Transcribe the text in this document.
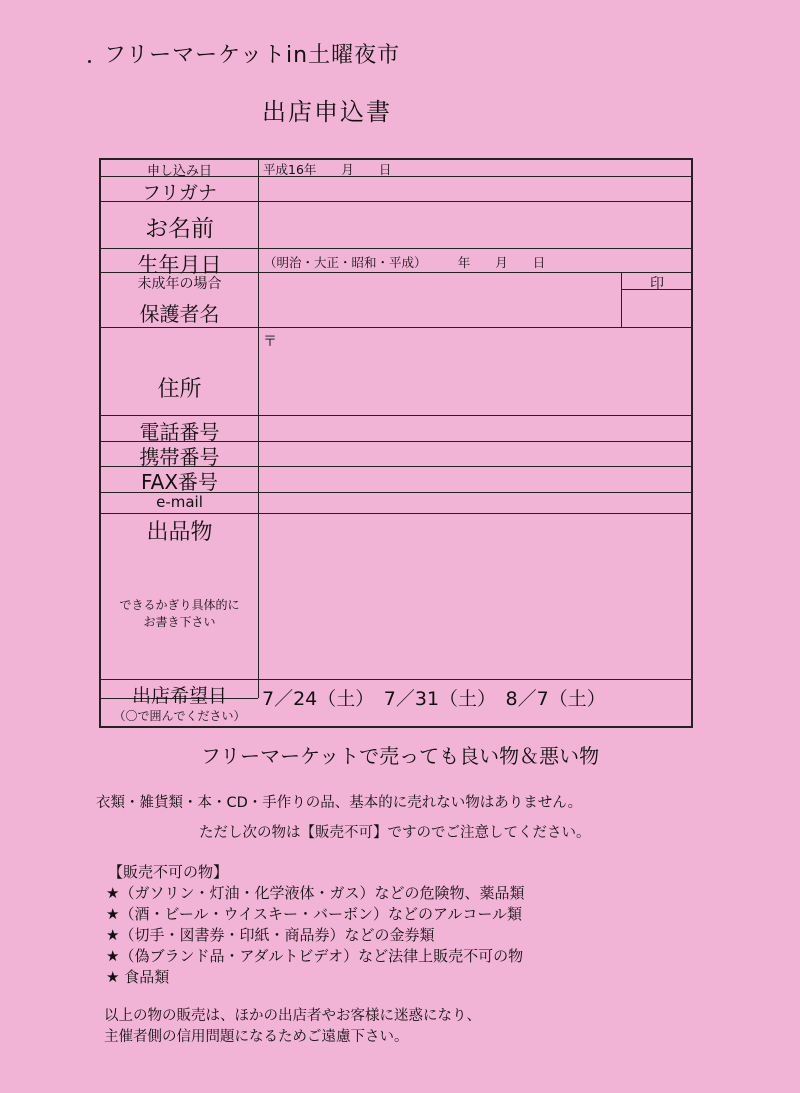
フリーマーケットin土曜夜市
出店申込書
申し込み日	平成16年　　月　　日
フリガナ
お名前
生年月日	（明治・大正・昭和・平成）　　　年　　月　　日
未成年の場合
保護者名
印
〒
住所
電話番号
携帯番号
FAX番号
e-mail
出品物
できるかぎり具体的に
お書き下さい
出店希望日
（〇で囲んでください）
7／24（土）　7／31（土）　8／7（土）
フリーマーケットで売っても良い物＆悪い物
衣類・雑貨類・本・CD・手作りの品、基本的に売れない物はありません。
ただし次の物は【販売不可】ですのでご注意してください。
【販売不可の物】
★（ガソリン・灯油・化学液体・ガス）などの危険物、薬品類
★（酒・ビール・ウイスキー・バーボン）などのアルコール類
★（切手・図書券・印紙・商品券）などの金券類
★（偽ブランド品・アダルトビデオ）など法律上販売不可の物
★ 食品類
以上の物の販売は、ほかの出店者やお客様に迷惑になり、
主催者側の信用問題になるためご遠慮下さい。
